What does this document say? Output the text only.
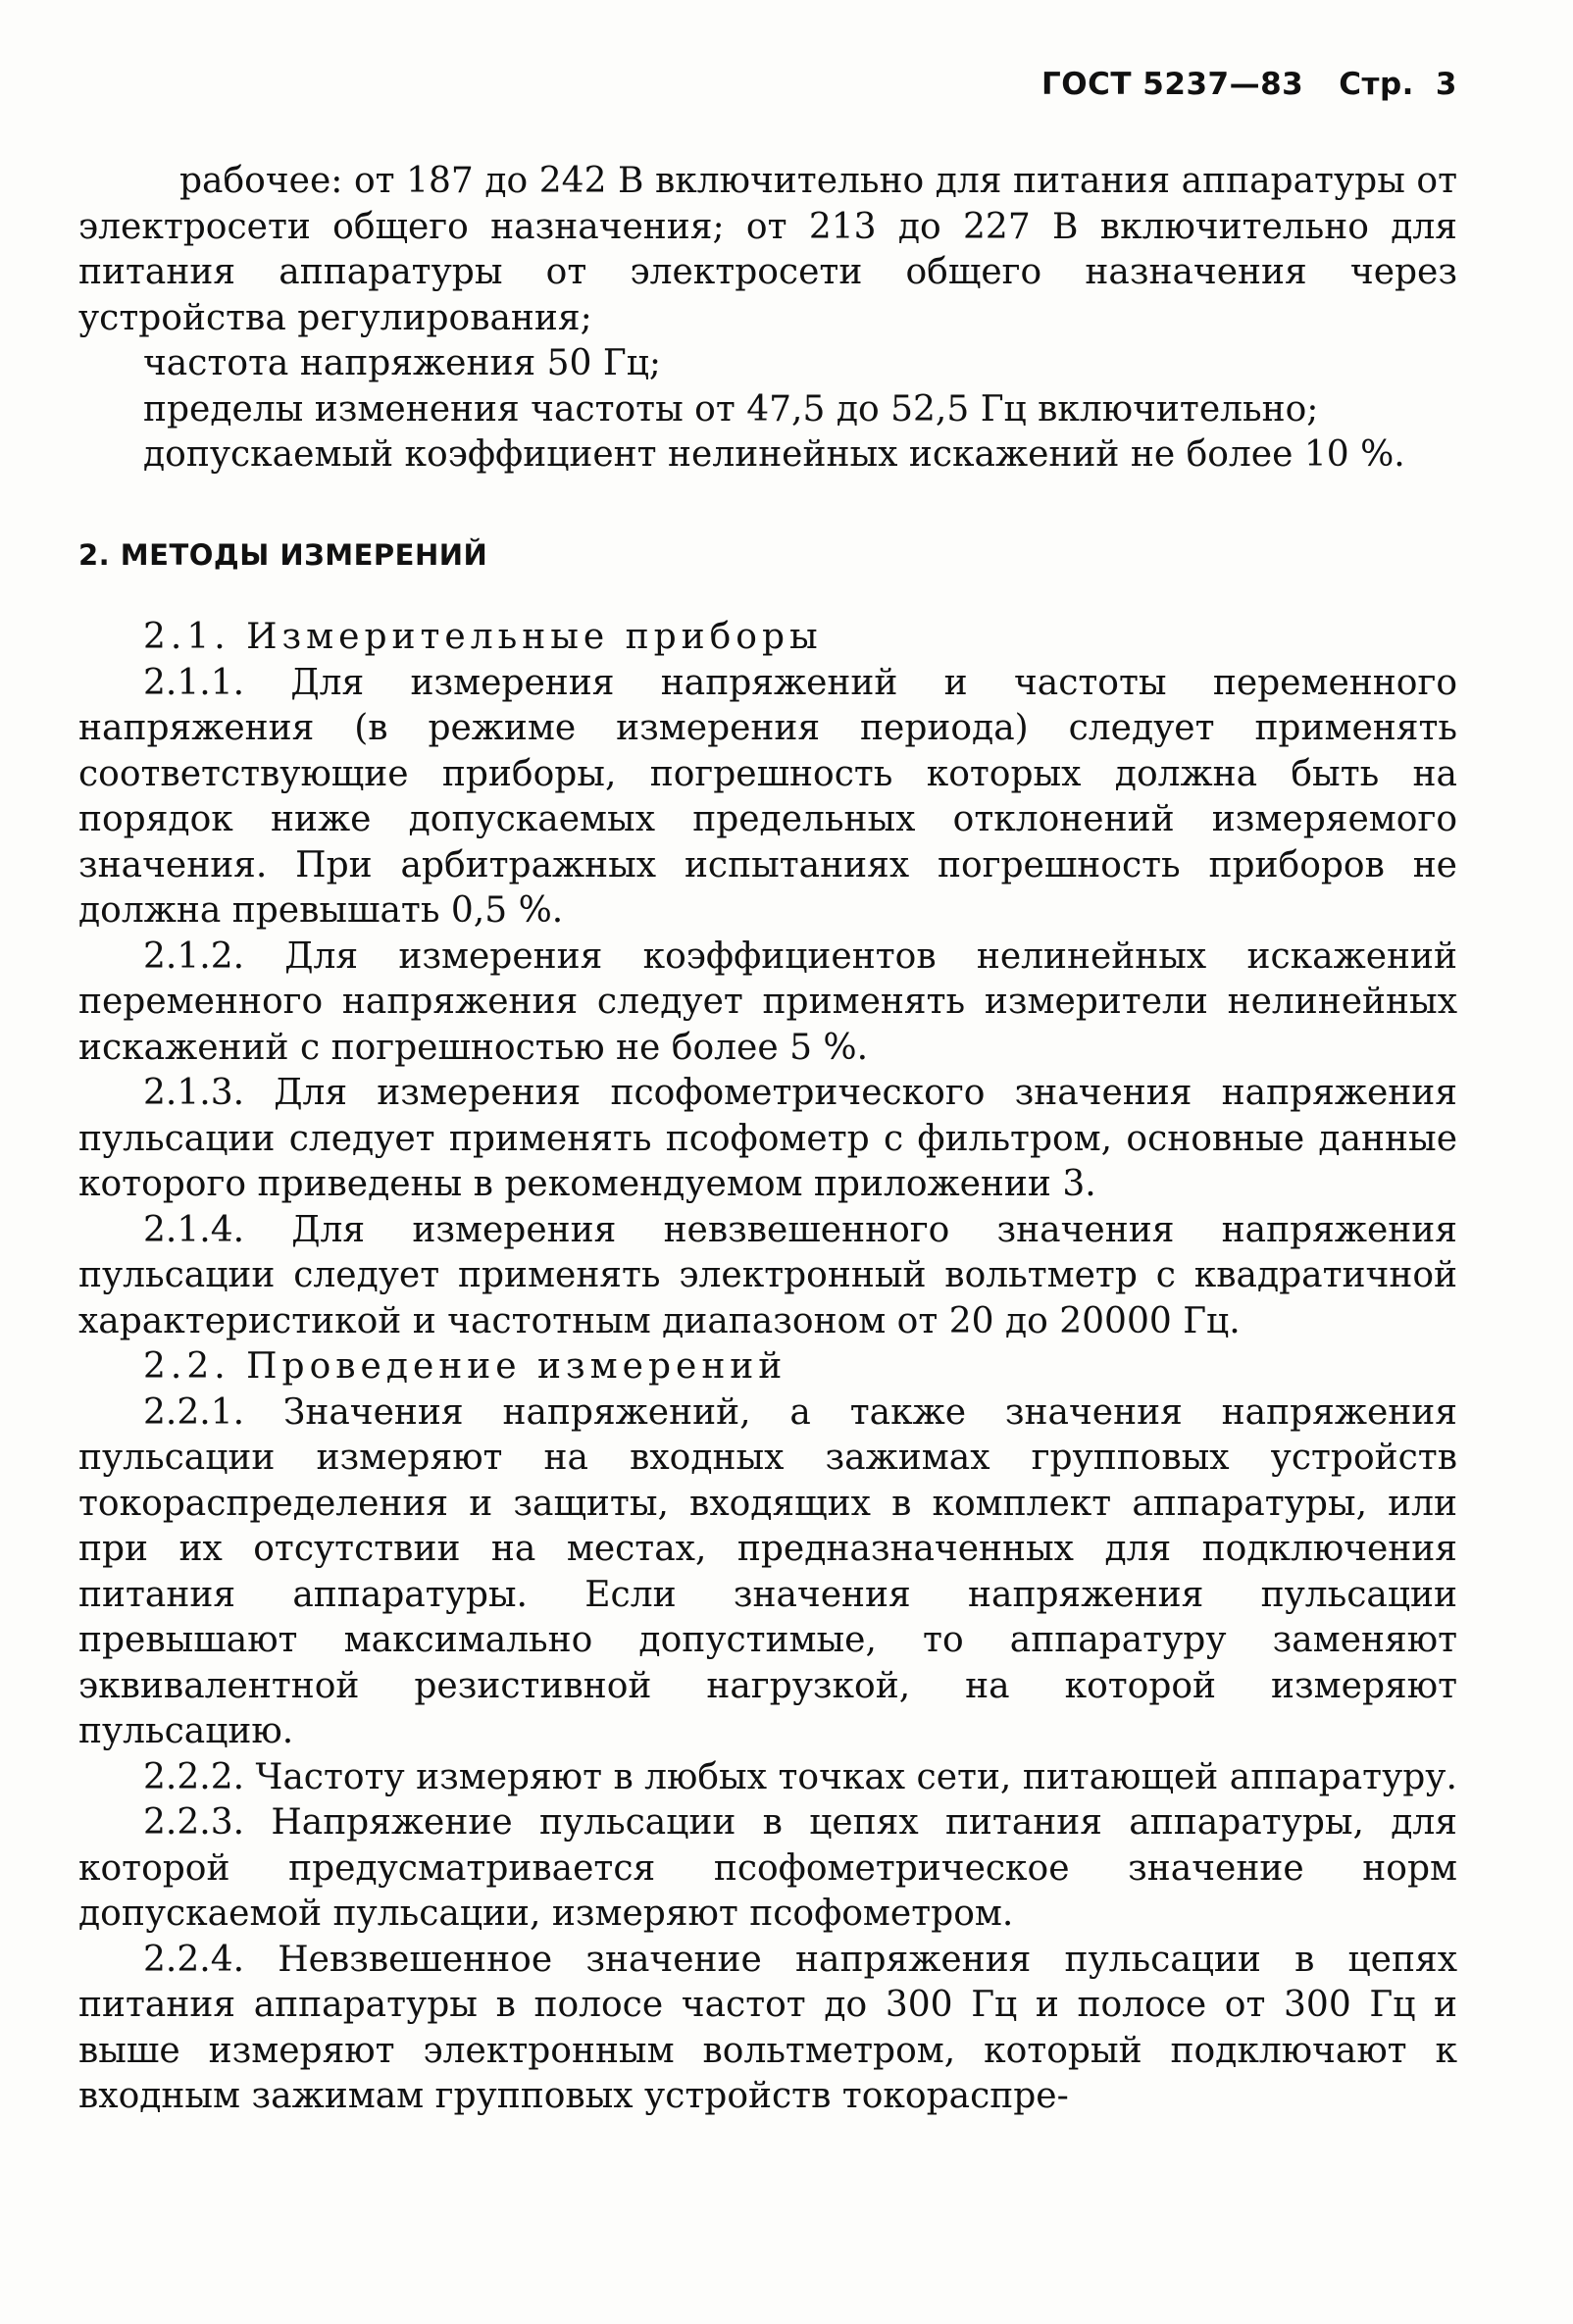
ГОСТ 5237—83 Стр. 3

рабочее: от 187 до 242 В включительно для питания аппаратуры от электросети общего назначения; от 213 до 227 В включительно для питания аппаратуры от электросети общего назначения через устройства регулирования;

частота напряжения 50 Гц;

пределы изменения частоты от 47,5 до 52,5 Гц включительно;

допускаемый коэффициент нелинейных искажений не более 10 %.

2. МЕТОДЫ ИЗМЕРЕНИЙ

2.1. Измерительные приборы

2.1.1. Для измерения напряжений и частоты переменного напряжения (в режиме измерения периода) следует применять соответствующие приборы, погрешность которых должна быть на порядок ниже допускаемых предельных отклонений измеряемого значения. При арбитражных испытаниях погрешность приборов не должна превышать 0,5 %.

2.1.2. Для измерения коэффициентов нелинейных искажений переменного напряжения следует применять измерители нелинейных искажений с погрешностью не более 5 %.

2.1.3. Для измерения псофометрического значения напряжения пульсации следует применять псофометр с фильтром, основные данные которого приведены в рекомендуемом приложении 3.

2.1.4. Для измерения невзвешенного значения напряжения пульсации следует применять электронный вольтметр с квадратичной характеристикой и частотным диапазоном от 20 до 20000 Гц.

2.2. Проведение измерений

2.2.1. Значения напряжений, а также значения напряжения пульсации измеряют на входных зажимах групповых устройств токораспределения и защиты, входящих в комплект аппаратуры, или при их отсутствии на местах, предназначенных для подключения питания аппаратуры. Если значения напряжения пульсации превышают максимально допустимые, то аппаратуру заменяют эквивалентной резистивной нагрузкой, на которой измеряют пульсацию.

2.2.2. Частоту измеряют в любых точках сети, питающей аппаратуру.

2.2.3. Напряжение пульсации в цепях питания аппаратуры, для которой предусматривается псофометрическое значение норм допускаемой пульсации, измеряют псофометром.

2.2.4. Невзвешенное значение напряжения пульсации в цепях питания аппаратуры в полосе частот до 300 Гц и полосе от 300 Гц и выше измеряют электронным вольтметром, который подключают к входным зажимам групповых устройств токораспре-
